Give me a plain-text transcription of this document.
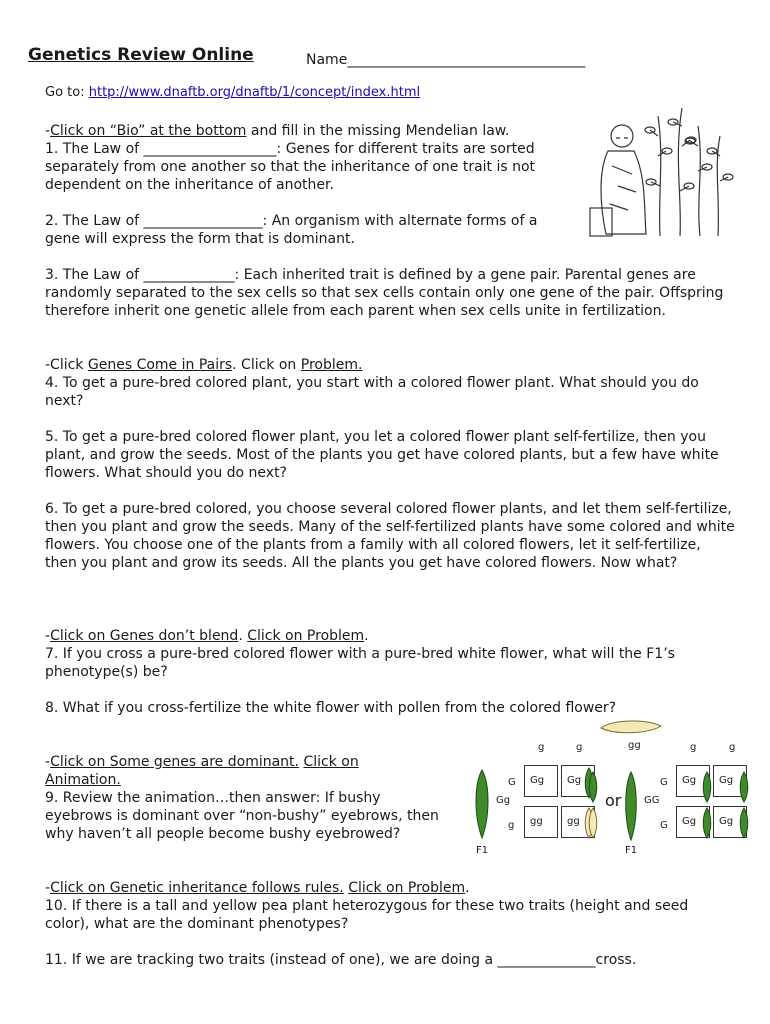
Genetics Review Online	Name__________________________________
Go to: http://www.dnaftb.org/dnaftb/1/concept/index.html

-Click on “Bio” at the bottom and fill in the missing Mendelian law.

1. The Law of ___________________: Genes for different traits are sorted separately from one another so that the inheritance of one trait is not dependent on the inheritance of another.

2. The Law of _________________: An organism with alternate forms of a gene will express the form that is dominant.

3. The Law of _____________: Each inherited trait is defined by a gene pair. Parental genes are randomly separated to the sex cells so that sex cells contain only one gene of the pair. Offspring therefore inherit one genetic allele from each parent when sex cells unite in fertilization.

-Click Genes Come in Pairs. Click on Problem.

4. To get a pure-bred colored plant, you start with a colored flower plant. What should you do next?

5. To get a pure-bred colored flower plant, you let a colored flower plant self-fertilize, then you plant, and grow the seeds. Most of the plants you get have colored plants, but a few have white flowers. What should you do next?
6. To get a pure-bred colored, you choose several colored flower plants, and let them self-fertilize, then you plant and grow the seeds. Many of the self-fertilized plants have some colored and white flowers. You choose one of the plants from a family with all colored flowers, let it self-fertilize, then you plant and grow its seeds. All the plants you get have colored flowers. Now what?

-Click on Genes don’t blend. Click on Problem.

7. If you cross a pure-bred colored flower with a pure-bred white flower, what will the F1’s phenotype(s) be?

8. What if you cross-fertilize the white flower with pollen from the colored flower?

-Click on Some genes are dominant. Click on
Animation.

9. Review the animation…then answer: If bushy eyebrows is dominant over “non-bushy” eyebrows, then why haven’t all people become bushy eyebrowed?

gg
g	g
G
g
Gg
F1
Gg Gg
gg gg
or
g	g
G
G
GG
F1
Gg Gg
Gg Gg

-Click on Genetic inheritance follows rules. Click on Problem.

10. If there is a tall and yellow pea plant heterozygous for these two traits (height and seed color), what are the dominant phenotypes?

11. If we are tracking two traits (instead of one), we are doing a ______________cross.
